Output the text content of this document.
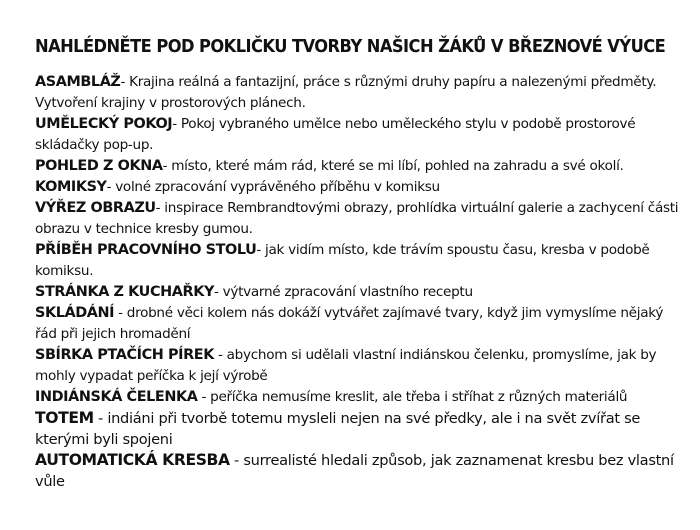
NAHLÉDNĚTE POD POKLIČKU TVORBY NAŠICH ŽÁKŮ V BŘEZNOVÉ VÝUCE

ASAMBLÁŽ- Krajina reálná a fantazijní, práce s různými druhy papíru a nalezenými předměty. Vytvoření krajiny v prostorových plánech.

UMĚLECKÝ POKOJ- Pokoj vybraného umělce nebo uměleckého stylu v podobě prostorové skládačky pop-up.

POHLED Z OKNA- místo, které mám rád, které se mi líbí, pohled na zahradu a své okolí.

KOMIKSY- volné zpracování vyprávěného příběhu v komiksu

VÝŘEZ OBRAZU- inspirace Rembrandtovými obrazy, prohlídka virtuální galerie a zachycení části obrazu v technice kresby gumou.

PŘÍBĚH PRACOVNÍHO STOLU- jak vidím místo, kde trávím spoustu času, kresba v podobě komiksu.

STRÁNKA Z KUCHAŘKY- výtvarné zpracování vlastního receptu

SKLÁDÁNÍ - drobné věci kolem nás dokáží vytvářet zajímavé tvary, když jim vymyslíme nějaký řád při jejich hromadění

SBÍRKA PTAČÍCH PÍREK - abychom si udělali vlastní indiánskou čelenku, promyslíme, jak by mohly vypadat peříčka k její výrobě

INDIÁNSKÁ ČELENKA - peříčka nemusíme kreslit, ale třeba i stříhat z různých materiálů

TOTEM - indiáni při tvorbě totemu mysleli nejen na své předky, ale i na svět zvířat se kterými byli spojeni

AUTOMATICKÁ KRESBA - surrealisté hledali způsob, jak zaznamenat kresbu bez vlastní vůle
